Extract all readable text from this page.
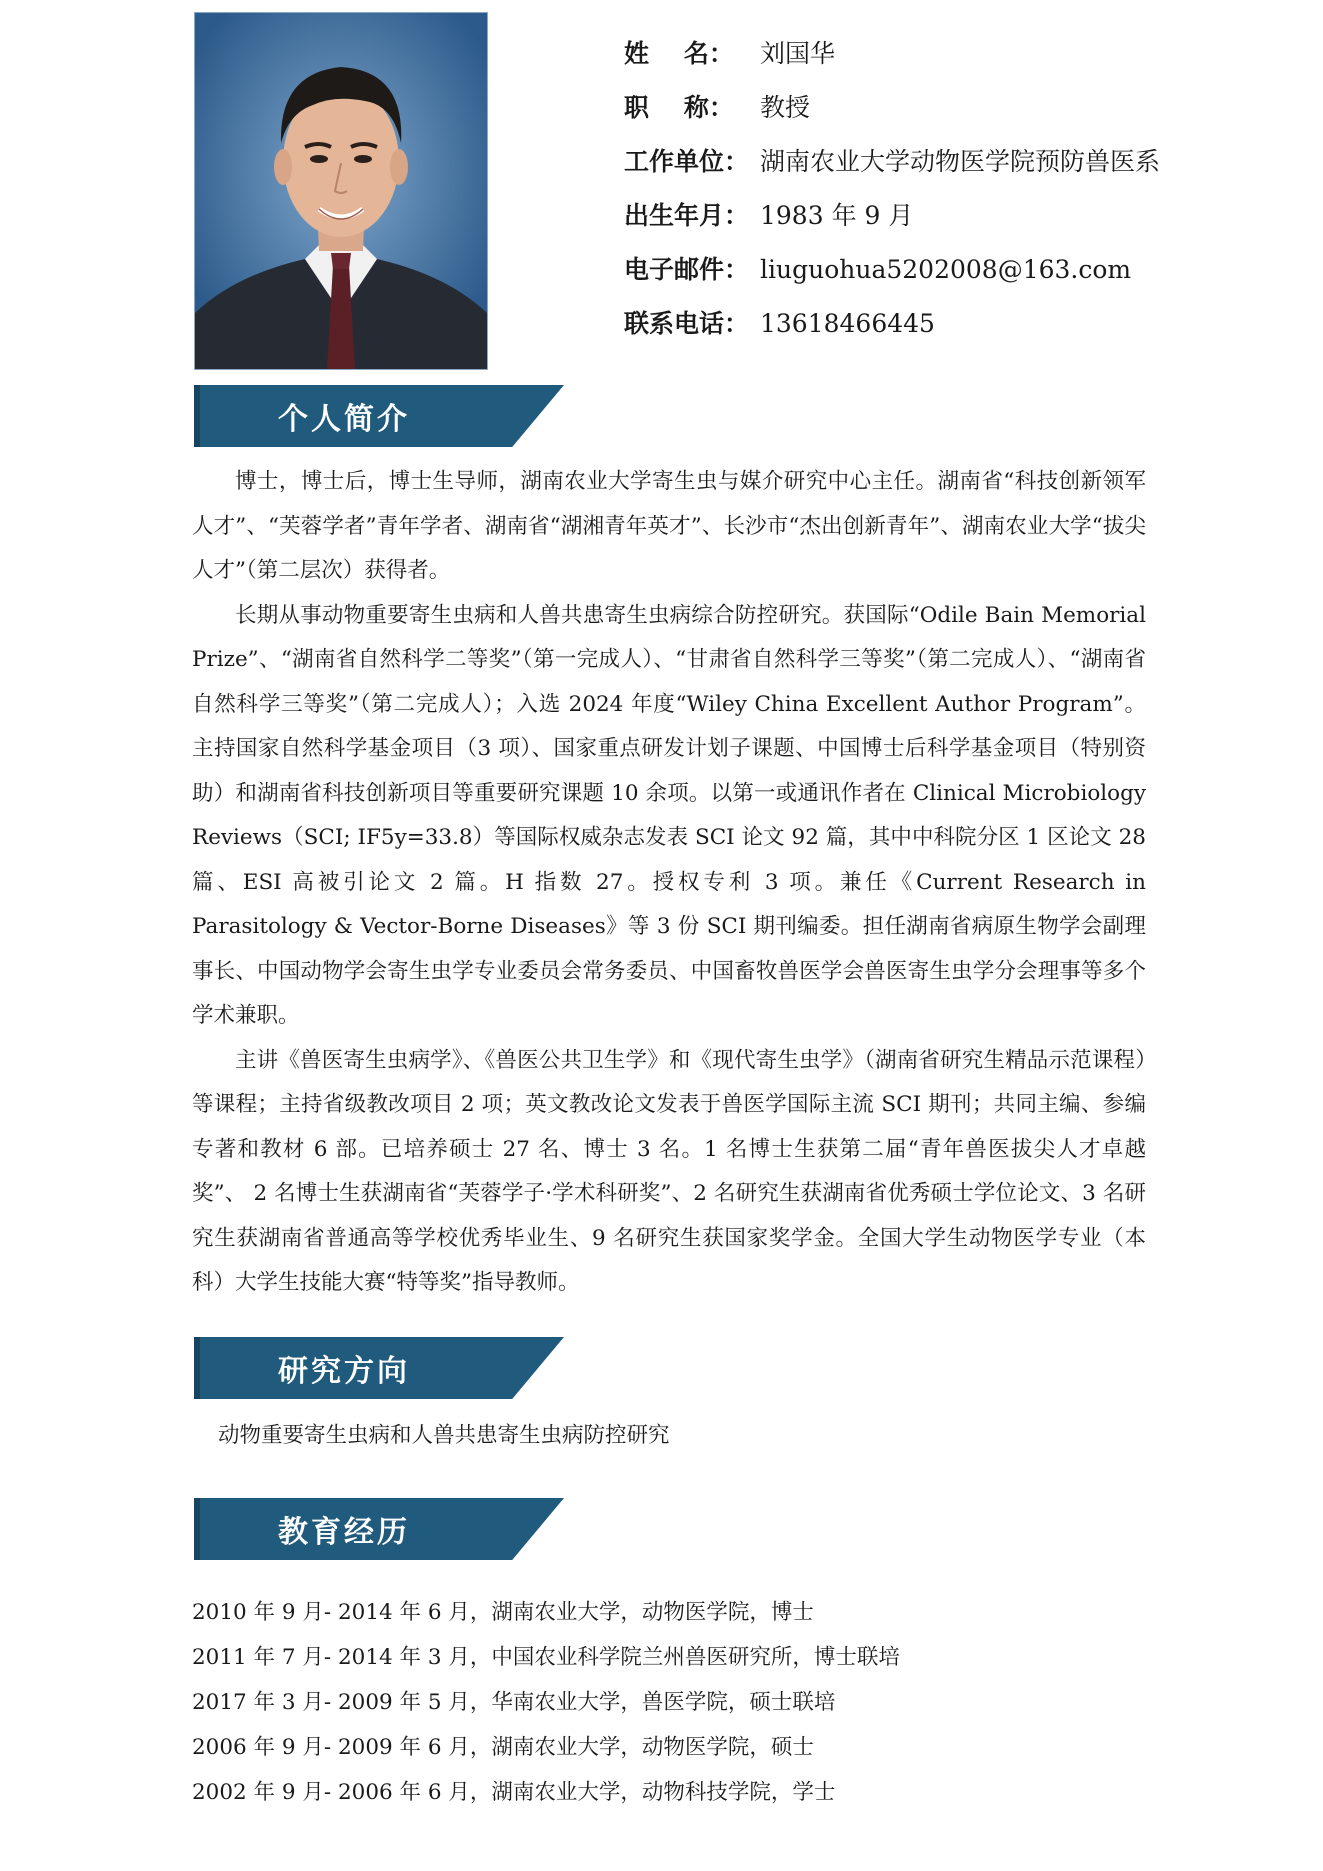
姓    名：	刘国华
职    称：	教授
工作单位： 湖南农业大学动物医学院预防兽医系
出生年月： 1983 年 9 月
电子邮件： liuguohua5202008@163.com
联系电话： 13618466445
个人简介

博士，博士后，博士生导师，湖南农业大学寄生虫与媒介研究中心主任。湖南省“科技创新领军人才”、“芙蓉学者”青年学者、湖南省“湖湘青年英才”、长沙市“杰出创新青年”、湖南农业大学“拔尖人才”（第二层次）获得者。

长期从事动物重要寄生虫病和人兽共患寄生虫病综合防控研究。获国际“Odile Bain Memorial Prize”、“湖南省自然科学二等奖”（第一完成人）、“甘肃省自然科学三等奖”（第二完成人）、“湖南省自然科学三等奖”（第二完成人）；入选 2024 年度“Wiley China Excellent Author Program”。主持国家自然科学基金项目（3 项）、国家重点研发计划子课题、中国博士后科学基金项目（特别资助）和湖南省科技创新项目等重要研究课题 10 余项。以第一或通讯作者在 Clinical Microbiology Reviews（SCI; IF5y=33.8）等国际权威杂志发表 SCI 论文 92 篇，其中中科院分区 1 区论文 28 篇、ESI 高被引论文 2 篇。H 指数 27。授权专利 3 项。兼任《Current Research in Parasitology & Vector-Borne Diseases》等 3 份 SCI 期刊编委。担任湖南省病原生物学会副理事长、中国动物学会寄生虫学专业委员会常务委员、中国畜牧兽医学会兽医寄生虫学分会理事等多个学术兼职。

主讲《兽医寄生虫病学》、《兽医公共卫生学》和《现代寄生虫学》（湖南省研究生精品示范课程）等课程；主持省级教改项目 2 项；英文教改论文发表于兽医学国际主流 SCI 期刊；共同主编、参编专著和教材 6 部。已培养硕士 27 名、博士 3 名。1 名博士生获第二届“青年兽医拔尖人才卓越奖”、 2 名博士生获湖南省“芙蓉学子·学术科研奖”、2 名研究生获湖南省优秀硕士学位论文、3 名研究生获湖南省普通高等学校优秀毕业生、9 名研究生获国家奖学金。全国大学生动物医学专业（本科）大学生技能大赛“特等奖”指导教师。

研究方向
动物重要寄生虫病和人兽共患寄生虫病防控研究
教育经历
2010 年 9 月- 2014 年 6 月，湖南农业大学，动物医学院，博士
2011 年 7 月- 2014 年 3 月，中国农业科学院兰州兽医研究所，博士联培
2017 年 3 月- 2009 年 5 月，华南农业大学，兽医学院，硕士联培
2006 年 9 月- 2009 年 6 月，湖南农业大学，动物医学院，硕士
2002 年 9 月- 2006 年 6 月，湖南农业大学，动物科技学院，学士
